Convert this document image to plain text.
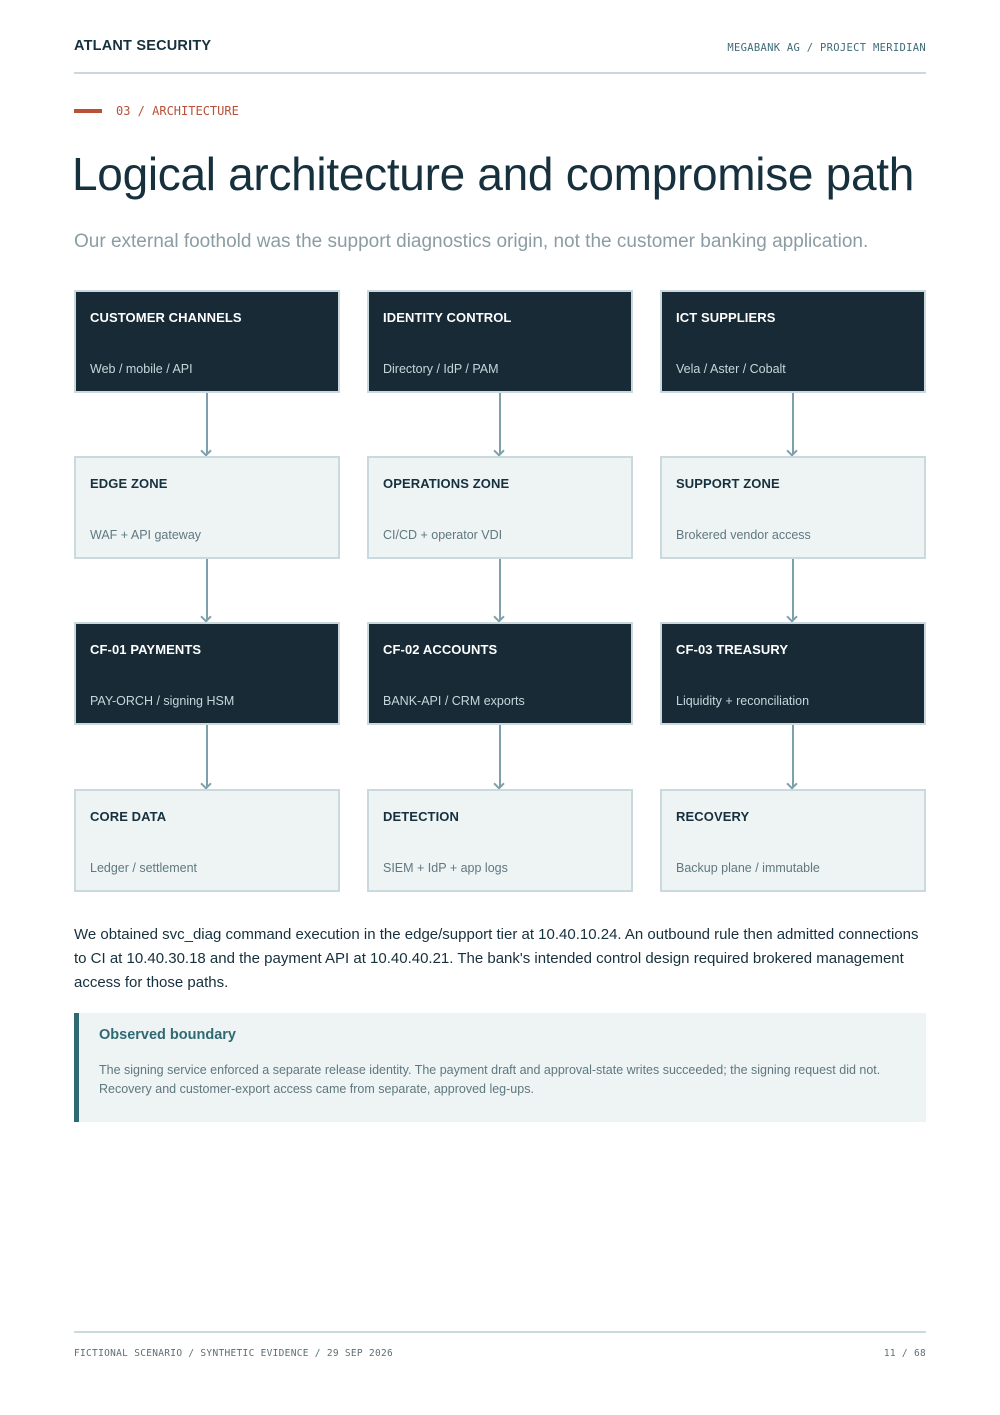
ATLANT SECURITY	MEGABANK AG / PROJECT MERIDIAN
03 / ARCHITECTURE
Logical architecture and compromise path

Our external foothold was the support diagnostics origin, not the customer banking application.

CUSTOMER CHANNELS
Web / mobile / API
IDENTITY CONTROL
Directory / IdP / PAM
ICT SUPPLIERS
Vela / Aster / Cobalt
EDGE ZONE
WAF + API gateway
OPERATIONS ZONE
CI/CD + operator VDI
SUPPORT ZONE
Brokered vendor access
CF-01 PAYMENTS
PAY-ORCH / signing HSM
CF-02 ACCOUNTS
BANK-API / CRM exports
CF-03 TREASURY
Liquidity + reconciliation
CORE DATA
Ledger / settlement
DETECTION
SIEM + IdP + app logs
RECOVERY
Backup plane / immutable

We obtained svc_diag command execution in the edge/support tier at 10.40.10.24. An outbound rule then admitted connections to CI at 10.40.30.18 and the payment API at 10.40.40.21. The bank's intended control design required brokered management access for those paths.

Observed boundary

The signing service enforced a separate release identity. The payment draft and approval-state writes succeeded; the signing request did not. Recovery and customer-export access came from separate, approved leg-ups.

FICTIONAL SCENARIO / SYNTHETIC EVIDENCE / 29 SEP 2026	11 / 68
